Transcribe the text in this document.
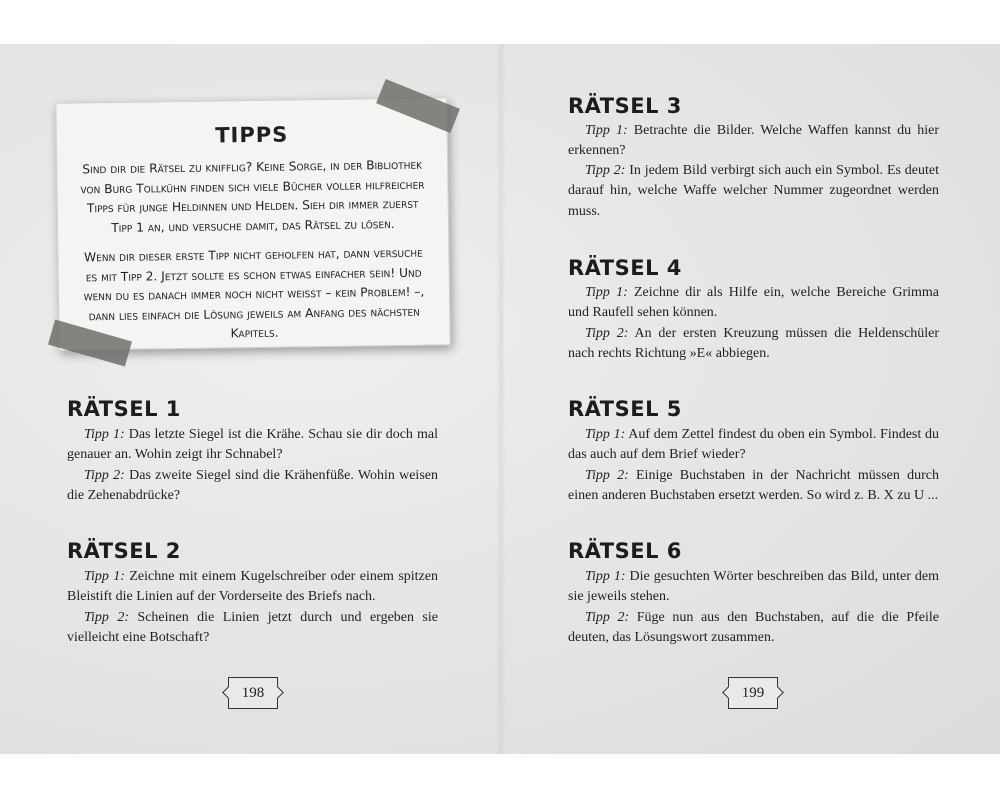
TIPPS

Sind dir die Rätsel zu knifflig? Keine Sorge, in der Bibliothek von Burg Tollkühn finden sich viele Bücher voller hilfreicher Tipps für junge Heldinnen und Helden. Sieh dir immer zuerst Tipp 1 an, und versuche damit, das Rätsel zu lösen.

Wenn dir dieser erste Tipp nicht geholfen hat, dann versuche es mit Tipp 2. Jetzt sollte es schon etwas einfacher sein! Und wenn du es danach immer noch nicht weißt – kein Problem! –, dann lies einfach die Lösung jeweils am Anfang des nächsten Kapitels.

RÄTSEL 1

Tipp 1: Das letzte Siegel ist die Krähe. Schau sie dir doch mal genauer an. Wohin zeigt ihr Schnabel?

Tipp 2: Das zweite Siegel sind die Krähenfüße. Wohin weisen die Zehenabdrücke?

RÄTSEL 2

Tipp 1: Zeichne mit einem Kugelschreiber oder einem spitzen Bleistift die Linien auf der Vorderseite des Briefs nach.

Tipp 2: Scheinen die Linien jetzt durch und ergeben sie vielleicht eine Botschaft?

198
RÄTSEL 3

Tipp 1: Betrachte die Bilder. Welche Waffen kannst du hier erkennen?

Tipp 2: In jedem Bild verbirgt sich auch ein Symbol. Es deutet darauf hin, welche Waffe welcher Nummer zugeordnet werden muss.

RÄTSEL 4

Tipp 1: Zeichne dir als Hilfe ein, welche Bereiche Grimma und Raufell sehen können.

Tipp 2: An der ersten Kreuzung müssen die Heldenschüler nach rechts Richtung »E« abbiegen.

RÄTSEL 5

Tipp 1: Auf dem Zettel findest du oben ein Symbol. Findest du das auch auf dem Brief wieder?

Tipp 2: Einige Buchstaben in der Nachricht müssen durch einen anderen Buchstaben ersetzt werden. So wird z. B. X zu U ...

RÄTSEL 6

Tipp 1: Die gesuchten Wörter beschreiben das Bild, unter dem sie jeweils stehen.

Tipp 2: Füge nun aus den Buchstaben, auf die die Pfeile deuten, das Lösungswort zusammen.

199
